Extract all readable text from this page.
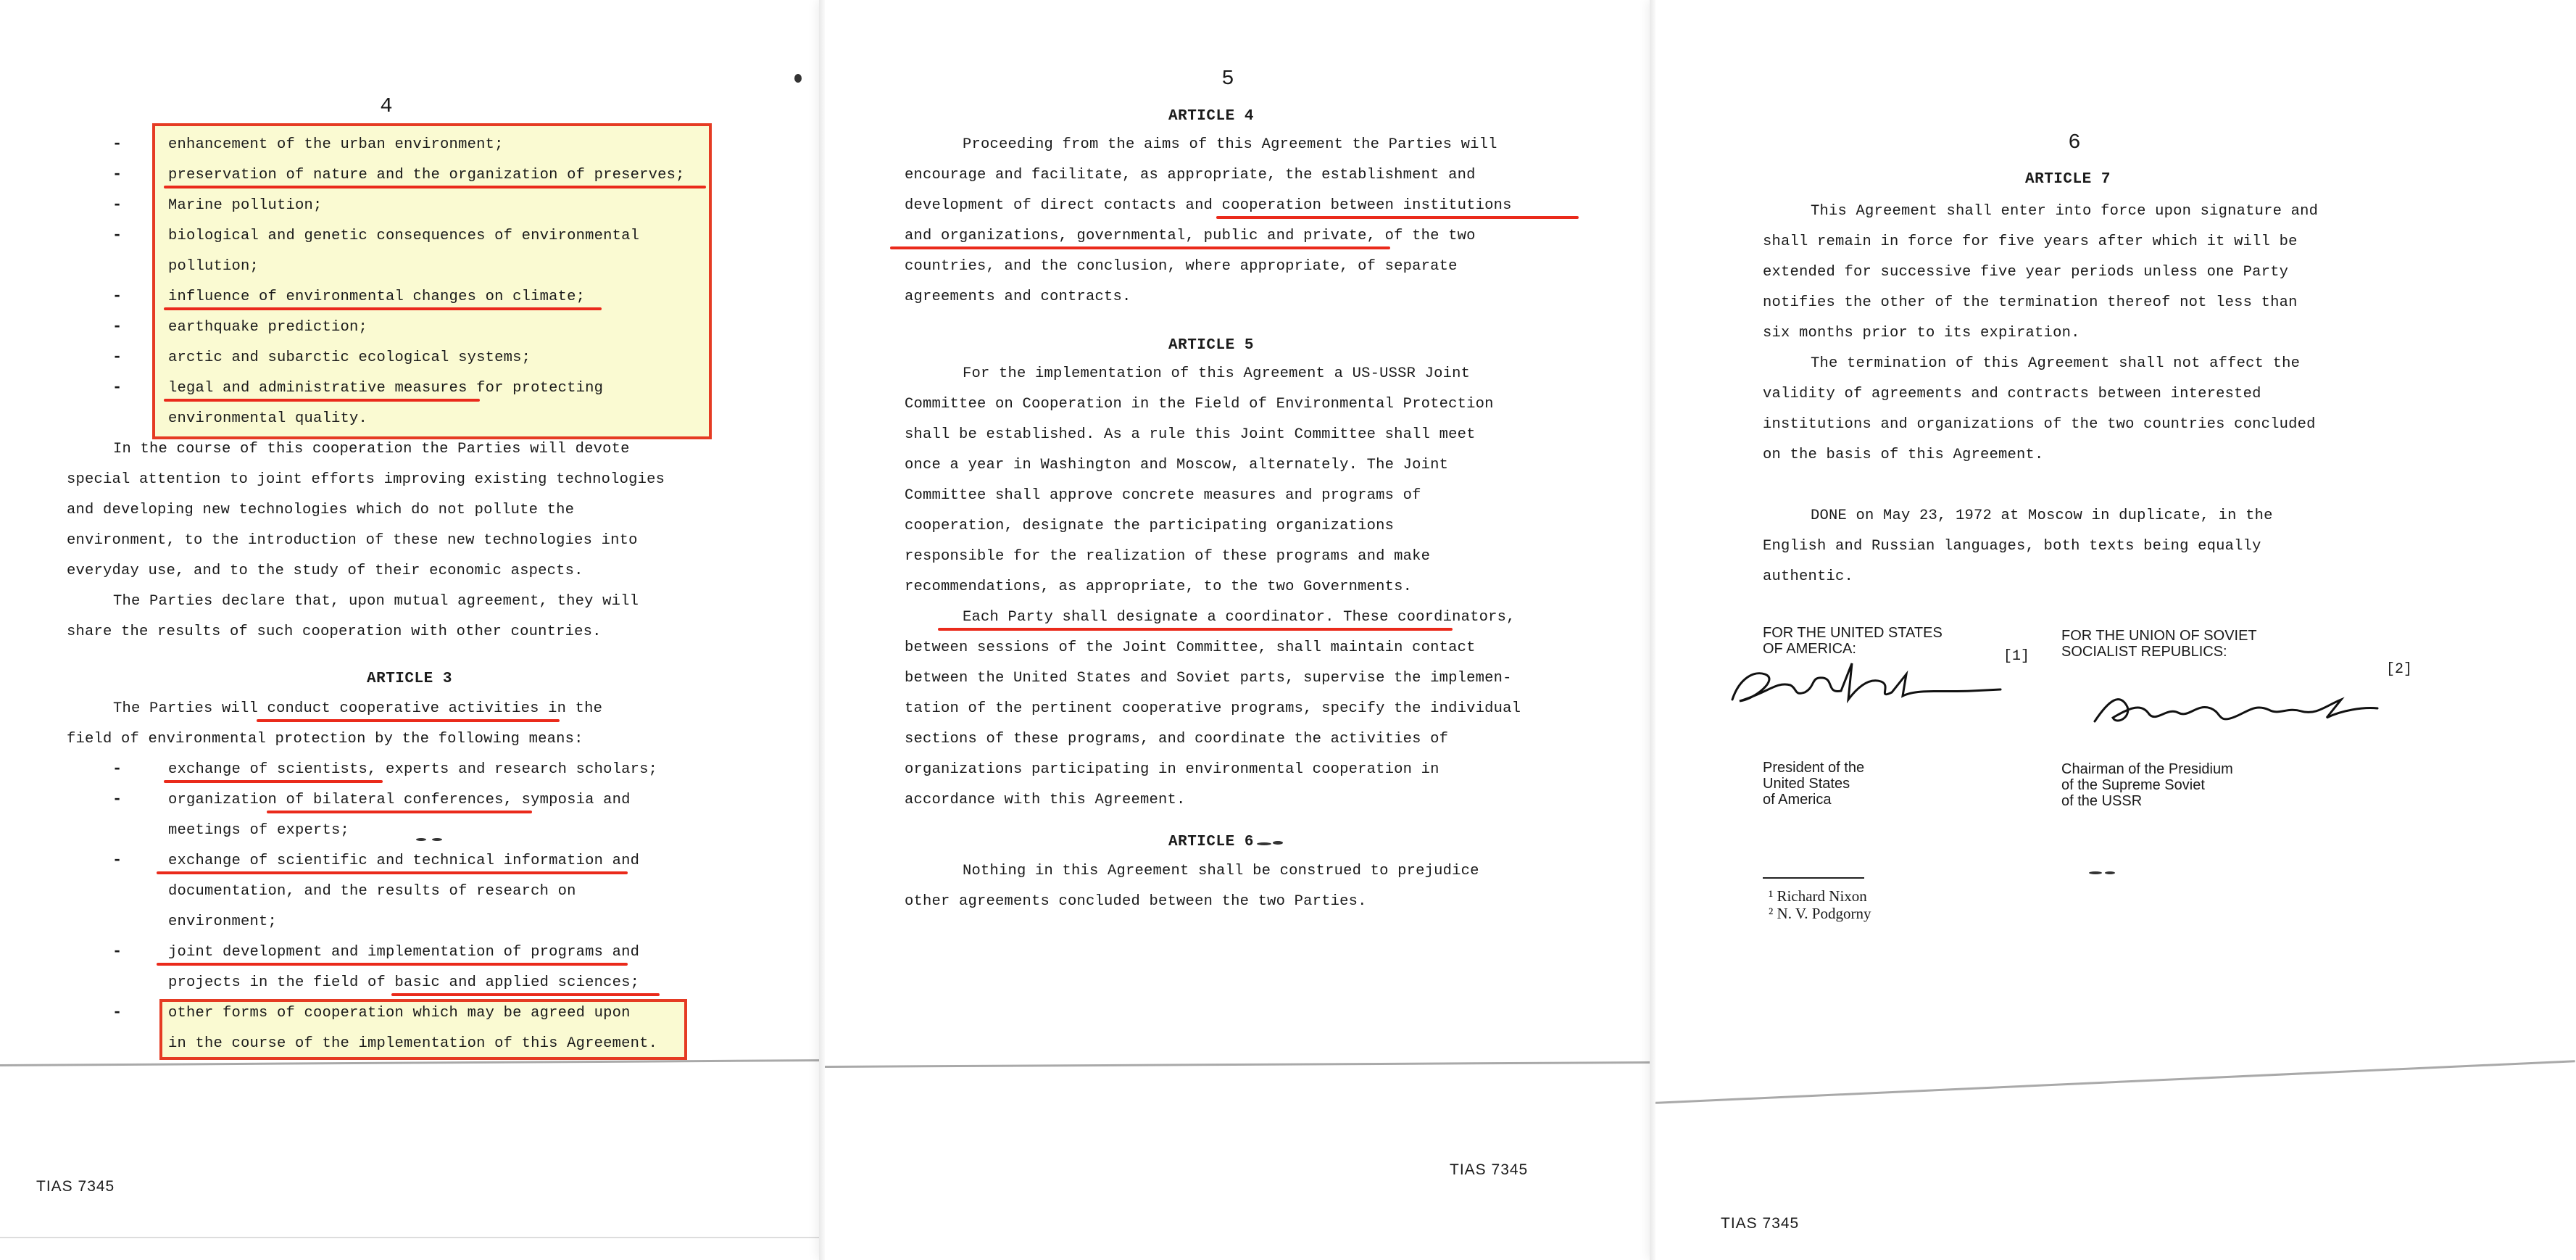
4
-
-
-
-
-
-
-
-
enhancement of the urban environment;
preservation of nature and the organization of preserves;
Marine pollution;
biological and genetic consequences of environmental
pollution;
influence of environmental changes on climate;
earthquake prediction;
arctic and subarctic ecological systems;
legal and administrative measures for protecting
environmental quality.
In the course of this cooperation the Parties will devote
special attention to joint efforts improving existing technologies
and developing new technologies which do not pollute the
environment, to the introduction of these new technologies into
everyday use, and to the study of their economic aspects.
The Parties declare that, upon mutual agreement, they will
share the results of such cooperation with other countries.
ARTICLE 3
The Parties will conduct cooperative activities in the
field of environmental protection by the following means:
-
-
-
-
-
exchange of scientists, experts and research scholars;
organization of bilateral conferences, symposia and
meetings of experts;
exchange of scientific and technical information and
documentation, and the results of research on
environment;
joint development and implementation of programs and
projects in the field of basic and applied sciences;
other forms of cooperation which may be agreed upon
in the course of the implementation of this Agreement.
TIAS 7345
5
ARTICLE 4
Proceeding from the aims of this Agreement the Parties will
encourage and facilitate, as appropriate, the establishment and
development of direct contacts and cooperation between institutions
and organizations, governmental, public and private, of the two
countries, and the conclusion, where appropriate, of separate
agreements and contracts.
ARTICLE 5
For the implementation of this Agreement a US-USSR Joint
Committee on Cooperation in the Field of Environmental Protection
shall be established. As a rule this Joint Committee shall meet
once a year in Washington and Moscow, alternately. The Joint
Committee shall approve concrete measures and programs of
cooperation, designate the participating organizations
responsible for the realization of these programs and make
recommendations, as appropriate, to the two Governments.
Each Party shall designate a coordinator. These coordinators,
between sessions of the Joint Committee, shall maintain contact
between the United States and Soviet parts, supervise the implemen-
tation of the pertinent cooperative programs, specify the individual
sections of these programs, and coordinate the activities of
organizations participating in environmental cooperation in
accordance with this Agreement.
ARTICLE 6
Nothing in this Agreement shall be construed to prejudice
other agreements concluded between the two Parties.
TIAS 7345
6
ARTICLE 7
This Agreement shall enter into force upon signature and
shall remain in force for five years after which it will be
extended for successive five year periods unless one Party
notifies the other of the termination thereof not less than
six months prior to its expiration.
The termination of this Agreement shall not affect the
validity of agreements and contracts between interested
institutions and organizations of the two countries concluded
on the basis of this Agreement.
DONE on May 23, 1972 at Moscow in duplicate, in the
English and Russian languages, both texts being equally
authentic.
FOR THE UNITED STATES
OF AMERICA:
FOR THE UNION OF SOVIET
SOCIALIST REPUBLICS:
[1]
[2]
President of the
United States
of America
Chairman of the Presidium
of the Supreme Soviet
of the USSR
¹ Richard Nixon
² N. V. Podgorny
TIAS 7345
